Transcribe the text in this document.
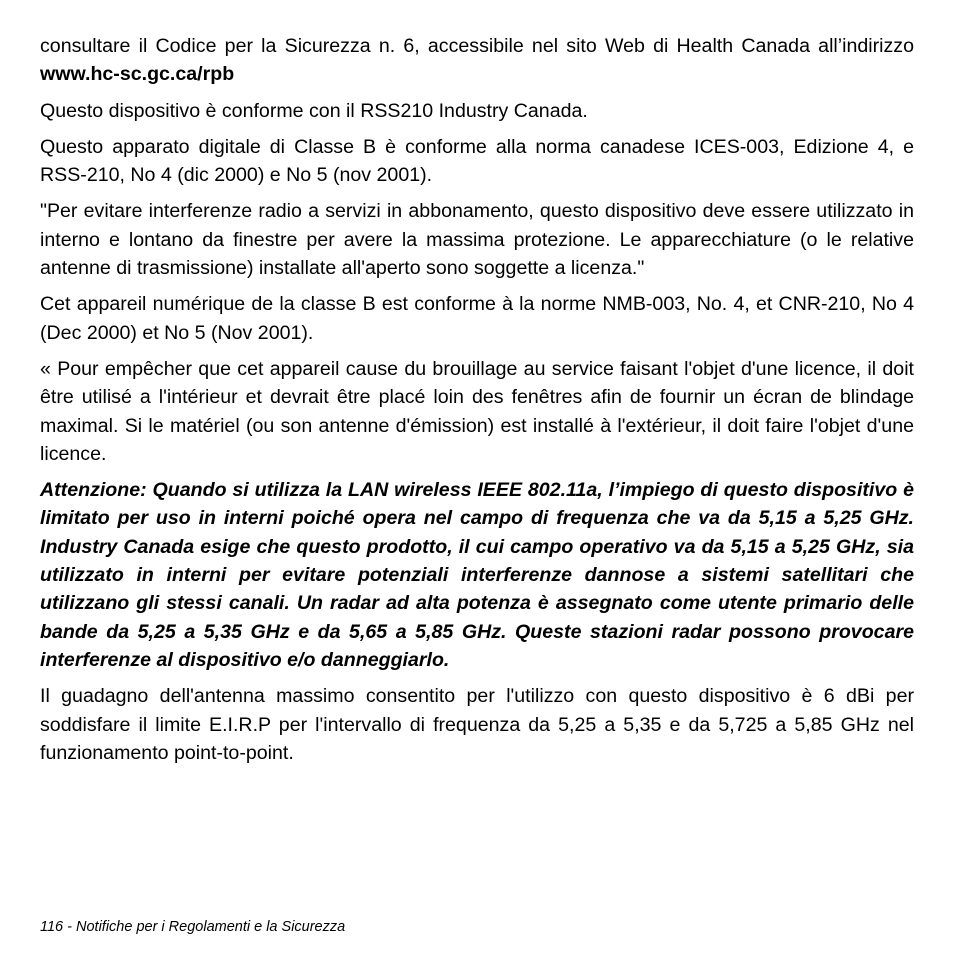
consultare il Codice per la Sicurezza n. 6, accessibile nel sito Web di Health Canada all’indirizzo www.hc-sc.gc.ca/rpb

Questo dispositivo è conforme con il RSS210 Industry Canada.

Questo apparato digitale di Classe B è conforme alla norma canadese ICES-003, Edizione 4, e RSS-210, No 4 (dic 2000) e No 5 (nov 2001).

"Per evitare interferenze radio a servizi in abbonamento, questo dispositivo deve essere utilizzato in interno e lontano da finestre per avere la massima protezione. Le apparecchiature (o le relative antenne di trasmissione) installate all'aperto sono soggette a licenza."

Cet appareil numérique de la classe B est conforme à la norme NMB-003, No. 4, et CNR-210, No 4 (Dec 2000) et No 5 (Nov 2001).

« Pour empêcher que cet appareil cause du brouillage au service faisant l'objet d'une licence, il doit être utilisé a l'intérieur et devrait être placé loin des fenêtres afin de fournir un écran de blindage maximal. Si le matériel (ou son antenne d'émission) est installé à l'extérieur, il doit faire l'objet d'une licence.

Attenzione: Quando si utilizza la LAN wireless IEEE 802.11a, l’impiego di questo dispositivo è limitato per uso in interni poiché opera nel campo di frequenza che va da 5,15 a 5,25 GHz. Industry Canada esige che questo prodotto, il cui campo operativo va da 5,15 a 5,25 GHz, sia utilizzato in interni per evitare potenziali interferenze dannose a sistemi satellitari che utilizzano gli stessi canali. Un radar ad alta potenza è assegnato come utente primario delle bande da 5,25 a 5,35 GHz e da 5,65 a 5,85 GHz. Queste stazioni radar possono provocare interferenze al dispositivo e/o danneggiarlo.

Il guadagno dell'antenna massimo consentito per l'utilizzo con questo dispositivo è 6 dBi per soddisfare il limite E.I.R.P per l'intervallo di frequenza da 5,25 a 5,35 e da 5,725 a 5,85 GHz nel funzionamento point-to-point.

116 - Notifiche per i Regolamenti e la Sicurezza
